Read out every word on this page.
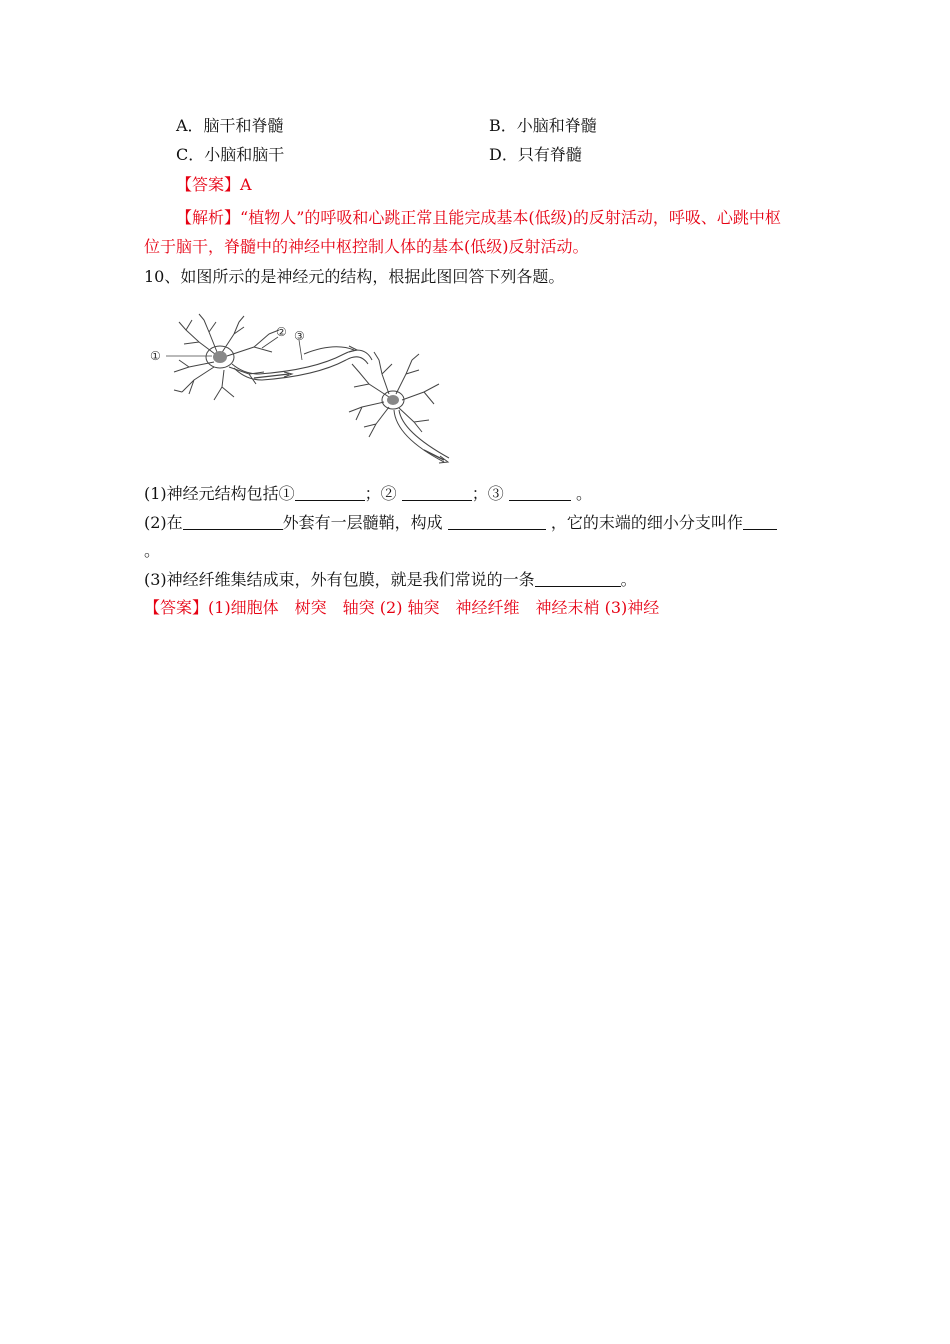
A．脑干和脊髓	B．小脑和脊髓
C．小脑和脑干	D．只有脊髓
【答案】A
【解析】“植物人”的呼吸和心跳正常且能完成基本(低级)的反射活动，呼吸、心跳中枢
位于脑干，脊髓中的神经中枢控制人体的基本(低级)反射活动。
10、如图所示的是神经元的结构，根据此图回答下列各题。
①
② ③
(1)神经元结构包括①	；②	；③	。
(2)在	外套有一层髓鞘，构成	，它的末端的细小分支叫作
。
(3)神经纤维集结成束，外有包膜，就是我们常说的一条	。
【答案】(1)细胞体　树突　轴突 (2) 轴突　神经纤维　神经末梢 (3)神经
